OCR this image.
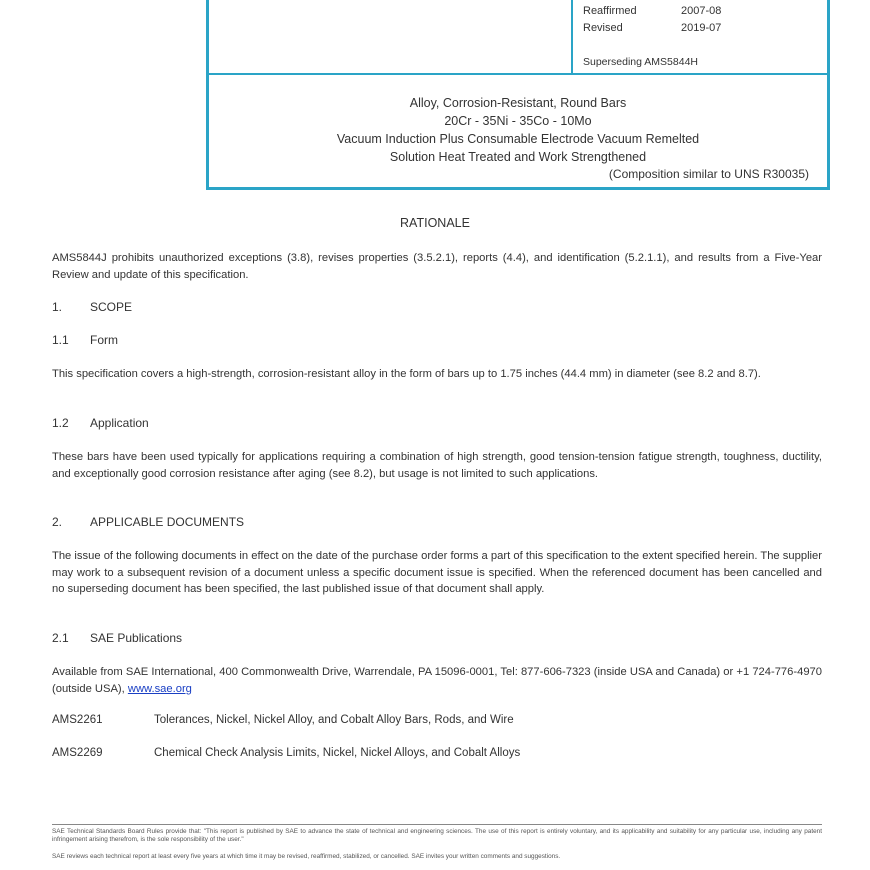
Reaffirmed	2007-08
Revised	2019-07
Superseding AMS5844H
Alloy, Corrosion-Resistant, Round Bars
20Cr - 35Ni - 35Co - 10Mo
Vacuum Induction Plus Consumable Electrode Vacuum Remelted
Solution Heat Treated and Work Strengthened
(Composition similar to UNS R30035)
RATIONALE
AMS5844J prohibits unauthorized exceptions (3.8), revises properties (3.5.2.1), reports (4.4), and identification (5.2.1.1), and results from a Five-Year Review and update of this specification.
1. SCOPE
1.1 Form
This specification covers a high-strength, corrosion-resistant alloy in the form of bars up to 1.75 inches (44.4 mm) in diameter (see 8.2 and 8.7).
1.2 Application
These bars have been used typically for applications requiring a combination of high strength, good tension-tension fatigue strength, toughness, ductility, and exceptionally good corrosion resistance after aging (see 8.2), but usage is not limited to such applications.
2. APPLICABLE DOCUMENTS
The issue of the following documents in effect on the date of the purchase order forms a part of this specification to the extent specified herein. The supplier may work to a subsequent revision of a document unless a specific document issue is specified. When the referenced document has been cancelled and no superseding document has been specified, the last published issue of that document shall apply.
2.1 SAE Publications
Available from SAE International, 400 Commonwealth Drive, Warrendale, PA 15096-0001, Tel: 877-606-7323 (inside USA and Canada) or +1 724-776-4970 (outside USA), www.sae.org
AMS2261	Tolerances, Nickel, Nickel Alloy, and Cobalt Alloy Bars, Rods, and Wire
AMS2269	Chemical Check Analysis Limits, Nickel, Nickel Alloys, and Cobalt Alloys
SAE Technical Standards Board Rules provide that: "This report is published by SAE to advance the state of technical and engineering sciences. The use of this report is entirely voluntary, and its applicability and suitability for any particular use, including any patent infringement arising therefrom, is the sole responsibility of the user."
SAE reviews each technical report at least every five years at which time it may be revised, reaffirmed, stabilized, or cancelled. SAE invites your written comments and suggestions.
